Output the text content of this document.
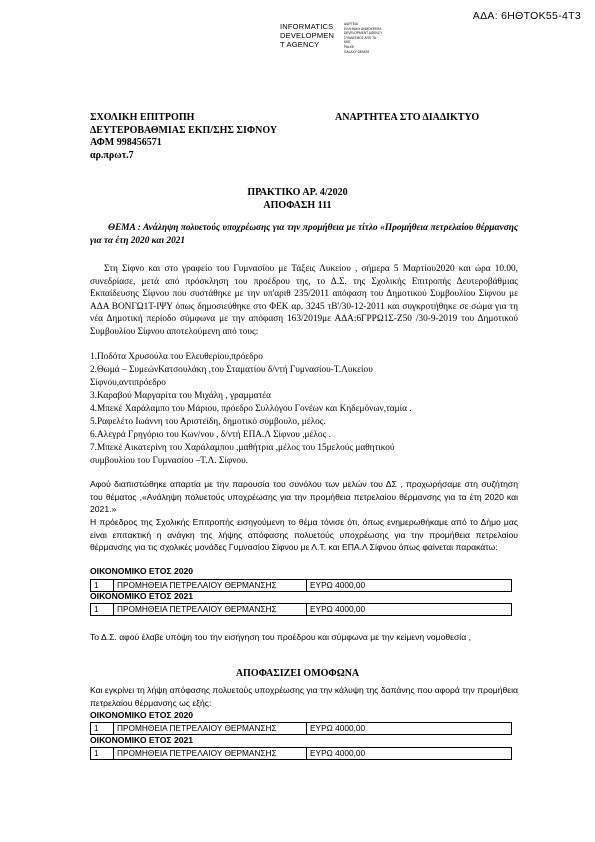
ΑΔΑ: 6ΗΘΤΟΚ55-4Τ3
INFORMATICS
DEVELOPMEN
T AGENCY
ΔΙΑΥΓΕΙΑ
ΕΛΛΗΝΙΚΗ ΔΗΜΟΚΡΑΤΙΑ
DEVELOPMENT AGENCY
ΣΥΝΔΕΣΜΟΣ ΑΠΟ ΤΑ
ΚΚΕ
PALKE
GALAXY DEMOS
ΣΧΟΛΙΚΗ ΕΠΙΤΡΟΠΗ
ΔΕΥΤΕΡΟΒΑΘΜΙΑΣ ΕΚΠ/ΣΗΣ ΣΙΦΝΟΥ
ΑΦΜ 998456571
αρ.πρωτ.7
ΑΝΑΡΤΗΤΕΑ ΣΤΟ ΔΙΑΔΙΚΤΥΟ
ΠΡΑΚΤΙΚΟ ΑΡ. 4/2020
ΑΠΟΦΑΣΗ 111
ΘΕΜΑ : Ανάληψη πολυετούς υποχρέωσης για την προμήθεια με τίτλο «Προμήθεια πετρελαίου θέρμανσης για τα έτη 2020 και 2021
Στη Σίφνο και στο γραφείο του Γυμνασίου με Τάξεις Λυκείου , σήμερα 5 Μαρτίου2020 και ώρα 10.00, συνεδρίασε, μετά από πρόσκληση του προέδρου της, το Δ.Σ. της Σχολικής Επιτροπής Δευτεροβάθμιας Εκπαίδευσης Σίφνου που συστάθηκε με την υπ'αριθ 235/2011 απόφαση του Δημοτικού Συμβουλίου Σίφνου με ΑΔΑ ΒΟΝΓΩ1Τ-ΙΨΥ όπως δημοσιεύθηκε στο ΦΕΚ αρ. 3245 τΒ'/30-12-2011 και συγκροτήθηκε σε σώμα για τη νέα Δημοτική περίοδο σύμφωνα με την απόφαση 163/2019με ΑΔΑ:6ΓΡΡΩ1Σ-Ζ50 /30-9-2019 του Δημοτικού Συμβουλίου Σίφνου αποτελούμενη από τους:
1.Ποδότα Χρυσούλα του Ελευθερίου,πρόεδρο
2.Θωμά – ΣυμεώνΚατσουλάκη ,του Σταματίου δ/ντή Γυμνασίου-Τ.Λυκείου
Σίφνου,αντιπρόεδρο
3.Καραβού Μαργαρίτα του Μιχάλη , γραμματέα
4.Μπεκέ Χαράλαμπο του Μάριου, πρόεδρο Συλλόγου Γονέων και Κηδεμόνων,ταμία .
5.Ραφελέτο Ιωάννη του Αριστείδη, δημοτικό σύμβουλο, μέλος.
6.Αλεγρά Γρηγόριο του Κων/νου , δ/ντή ΕΠΑ.Λ Σίφνου ,μέλος .
7.Μπεκέ Αικατερίνη του Χαράλαμπου ,μαθήτρια ,μέλος του 15μελούς μαθητικού
συμβουλίου του Γυμνασίου –Τ.Λ. Σίφνου.
Αφού διαπιστώθηκε απαρτία με την παρουσία του συνόλου των μελών του ΔΣ , προχωρήσαμε στη συζήτηση του θέματος ,«Ανάληψη πολυετούς υποχρέωσης για την προμήθεια πετρελαίου θέρμανσης για τα έτη 2020 και 2021.»
Η πρόεδρος της Σχολικής Επιτροπής εισηγούμενη το θέμα τόνισε ότι, όπως ενημερωθήκαμε από το Δήμο μας είναι επιτακτική η ανάγκη της λήψης απόφασης πολυετούς υποχρέωσης για την προμήθεια πετρελαίου θέρμανσης για τις σχολικές μονάδες Γυμνασίου Σίφνου με Λ.Τ. και ΕΠΑ.Λ Σίφνου όπως φαίνεται παρακάτω:
ΟΙΚΟΝΟΜΙΚΟ ΕΤΟΣ 2020
1	ΠΡΟΜΗΘΕΙΑ ΠΕΤΡΕΛΑΙΟΥ ΘΕΡΜΑΝΣΗΣ	ΕΥΡΩ 4000,00
ΟΙΚΟΝΟΜΙΚΟ ΕΤΟΣ 2021
1	ΠΡΟΜΗΘΕΙΑ ΠΕΤΡΕΛΑΙΟΥ ΘΕΡΜΑΝΣΗΣ	ΕΥΡΩ 4000,00
Το Δ.Σ. αφού έλαβε υπόψη του την εισήγηση του προέδρου και σύμφωνα με την κείμενη νομοθεσία ,
ΑΠΟΦΑΣΙΖΕΙ ΟΜΟΦΩΝΑ
Και εγκρίνει τη λήψη απόφασης πολυετούς υποχρέωσης για την κάλυψη της δαπάνης που αφορά την προμήθεια πετρελαίου θέρμανσης ως εξής:
ΟΙΚΟΝΟΜΙΚΟ ΕΤΟΣ 2020
1	ΠΡΟΜΗΘΕΙΑ ΠΕΤΡΕΛΑΙΟΥ ΘΕΡΜΑΝΣΗΣ	ΕΥΡΩ 4000,00
ΟΙΚΟΝΟΜΙΚΟ ΕΤΟΣ 2021
1	ΠΡΟΜΗΘΕΙΑ ΠΕΤΡΕΛΑΙΟΥ ΘΕΡΜΑΝΣΗΣ	ΕΥΡΩ 4000,00
